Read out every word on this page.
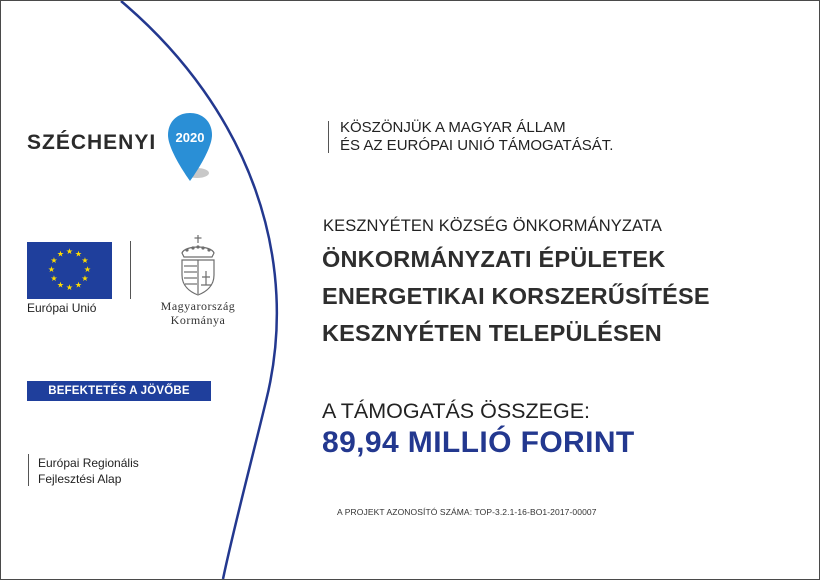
SZÉCHENYI 2020
★ ★
★
★
★
★
★
★
★
★
★
★
Európai Unió	Magyarország
Kormánya
BEFEKTETÉS A JÖVŐBE
Európai Regionális
Fejlesztési Alap
KÖSZÖNJÜK A MAGYAR ÁLLAM
ÉS AZ EURÓPAI UNIÓ TÁMOGATÁSÁT.
KESZNYÉTEN KÖZSÉG ÖNKORMÁNYZATA
ÖNKORMÁNYZATI ÉPÜLETEK
ENERGETIKAI KORSZERŰSÍTÉSE
KESZNYÉTEN TELEPÜLÉSEN
A TÁMOGATÁS ÖSSZEGE:
89,94 MILLIÓ FORINT
A PROJEKT AZONOSÍTÓ SZÁMA: TOP-3.2.1-16-BO1-2017-00007
